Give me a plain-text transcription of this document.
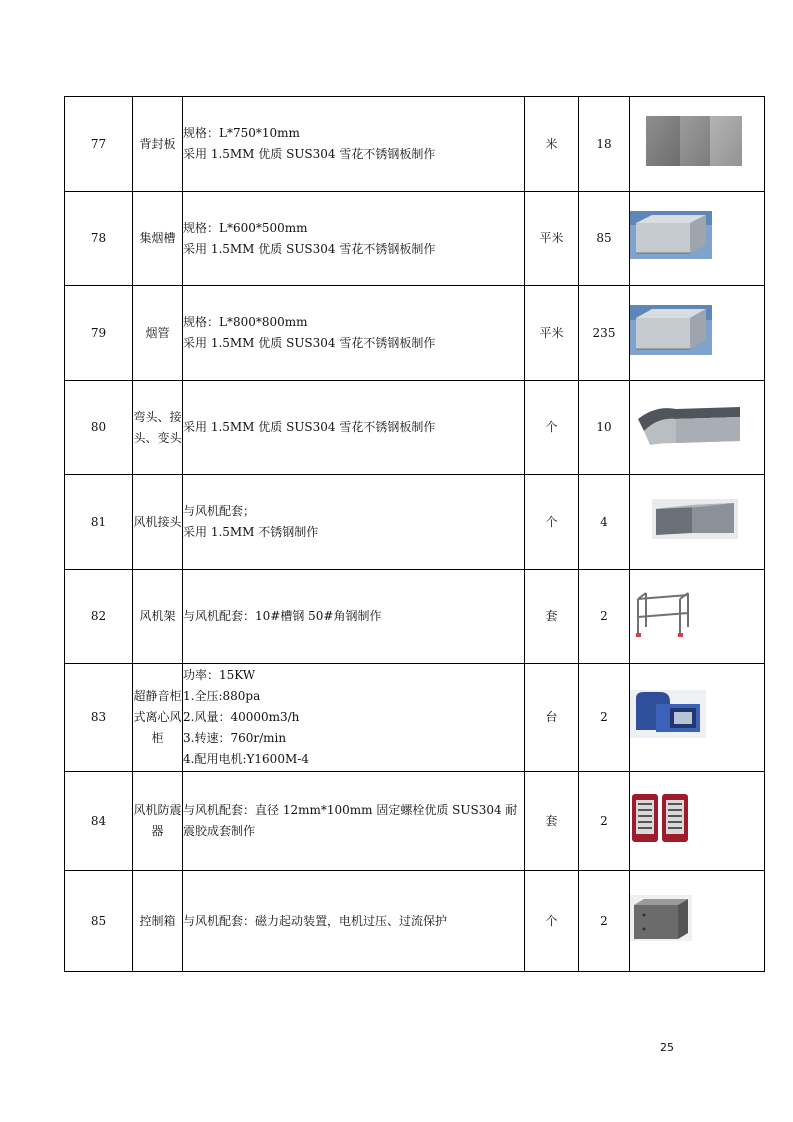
77	背封板	规格：L*750*10mm
采用 1.5MM 优质 SUS304 雪花不锈钢板制作	米	18	
78	集烟槽	规格：L*600*500mm
采用 1.5MM 优质 SUS304 雪花不锈钢板制作	平米	85	
79	烟管	规格：L*800*800mm
采用 1.5MM 优质 SUS304 雪花不锈钢板制作	平米	235	
80	弯头、接头、变头	采用 1.5MM 优质 SUS304 雪花不锈钢板制作	个	10	
81	风机接头	与风机配套；
采用 1.5MM 不锈钢制作	个	4	
82	风机架	与风机配套：10#槽钢 50#角钢制作	套	2	
83	超静音柜式离心风柜	功率：15KW
1.全压:880pa
2.风量：40000m3/h
3.转速：760r/min
4.配用电机:Y1600M-4	台	2	
84	风机防震器	与风机配套：直径 12mm*100mm 固定螺栓优质 SUS304 耐震胶成套制作	套	2	
85	控制箱	与风机配套：磁力起动装置，电机过压、过流保护	个	2	
25
